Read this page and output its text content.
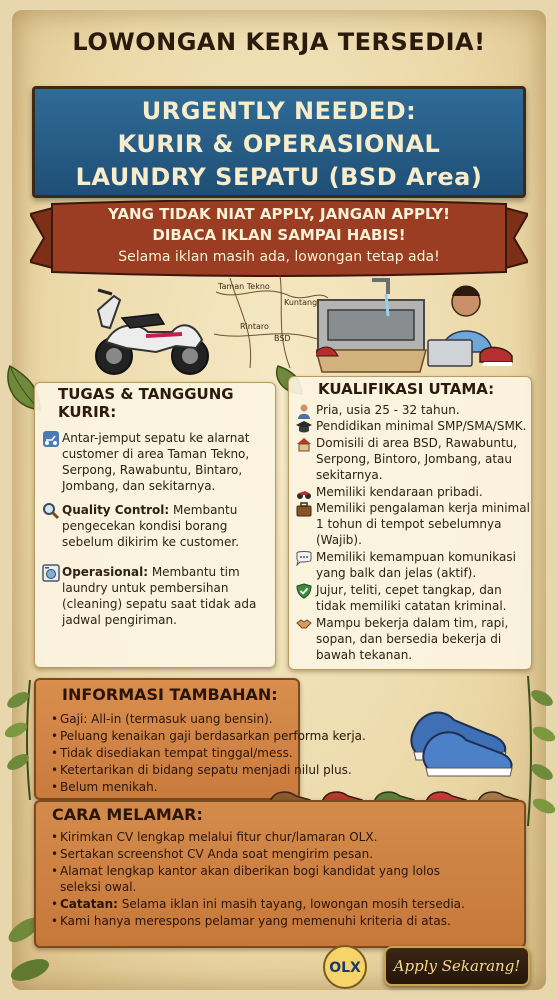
LOWONGAN KERJA TERSEDIA!
URGENTLY NEEDED:
KURIR & OPERASIONAL
LAUNDRY SEPATU (BSD Area)
YANG TIDAK NIAT APPLY, JANGAN APPLY!
DIBACA IKLAN SAMPAI HABIS!
Selama iklan masih ada, lowongan tetap ada!
Taman Tekno
Kuntang
Rintaro
BSD
TUGAS & TANGGUNG
KURIR:
Antar-jemput sepatu ke alarnat customer di area Taman Tekno, Serpong, Rawabuntu, Bintaro, Jombang, dan sekitarnya.
Quality Control: Membantu pengecekan kondisi borang sebelum dikirim ke customer.
Operasional: Membantu tim laundry untuk pembersihan (cleaning) sepatu saat tidak ada jadwal pengiriman.
KUALIFIKASI UTAMA:
Pria, usia 25 - 32 tahun.
Pendidikan minimal SMP/SMA/SMK.
Domisili di area BSD, Rawabuntu, Serpong, Bintoro, Jombang, atau sekitarnya.
Memiliki kendaraan pribadi.
Memiliki pengalaman kerja minimal 1 tohun di tempot sebelumnya (Wajib).
Memiliki kemampuan komunikasi yang balk dan jelas (aktif).
Jujur, teliti, cepet tangkap, dan tidak memiliki catatan kriminal.
Mampu bekerja dalam tim, rapi, sopan, dan bersedia bekerja di bawah tekanan.
INFORMASI TAMBAHAN:
• Gaji: All-in (termasuk uang bensin).
• Peluang kenaikan gaji berdasarkan performa kerja.
• Tidak disediakan tempat tinggal/mess.
• Ketertarikan di bidang sepatu menjadi nilul plus.
• Belum menikah.
CARA MELAMAR:
• Kirimkan CV lengkap melalui fitur chur/lamaran OLX.
• Sertakan screenshot CV Anda soat mengirim pesan.
• Alamat lengkap kantor akan diberikan bogi kandidat yang lolos
seleksi owal.
• Catatan: Selama iklan ini masih tayang, lowongan mosih tersedia.
• Kami hanya merespons pelamar yang memenuhi kriteria di atas.
OLX	Apply Sekarang!
